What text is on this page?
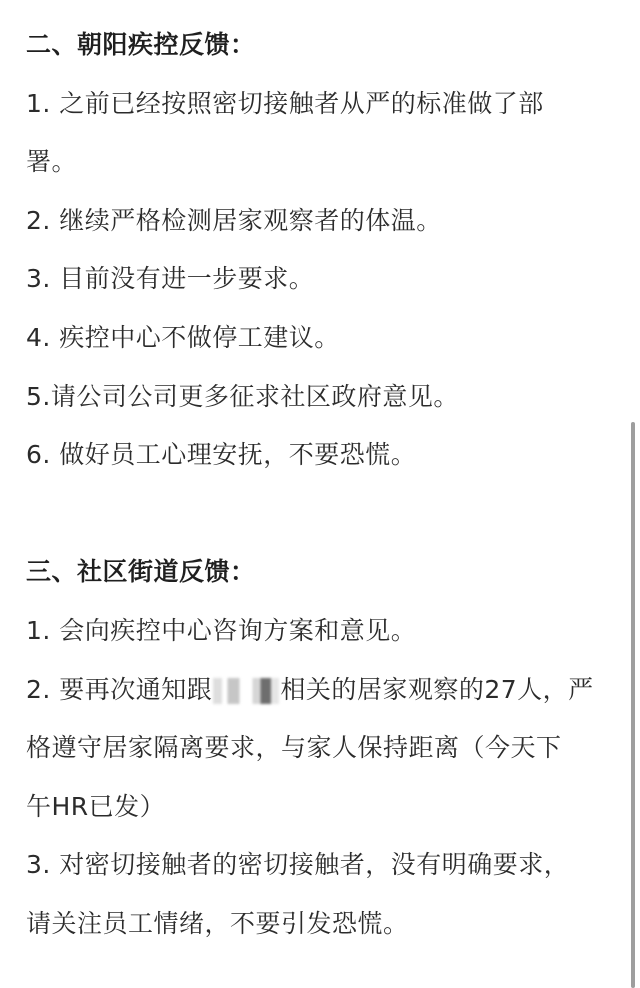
二、朝阳疾控反馈：
1. 之前已经按照密切接触者从严的标准做了部
署。
2. 继续严格检测居家观察者的体温。
3. 目前没有进一步要求。
4. 疾控中心不做停工建议。
5.请公司公司更多征求社区政府意见。
6. 做好员工心理安抚，不要恐慌。
三、社区街道反馈：
1. 会向疾控中心咨询方案和意见。
2. 要再次通知跟	相关的居家观察的27人，严
格遵守居家隔离要求，与家人保持距离（今天下
午HR已发）
3. 对密切接触者的密切接触者，没有明确要求，
请关注员工情绪，不要引发恐慌。
